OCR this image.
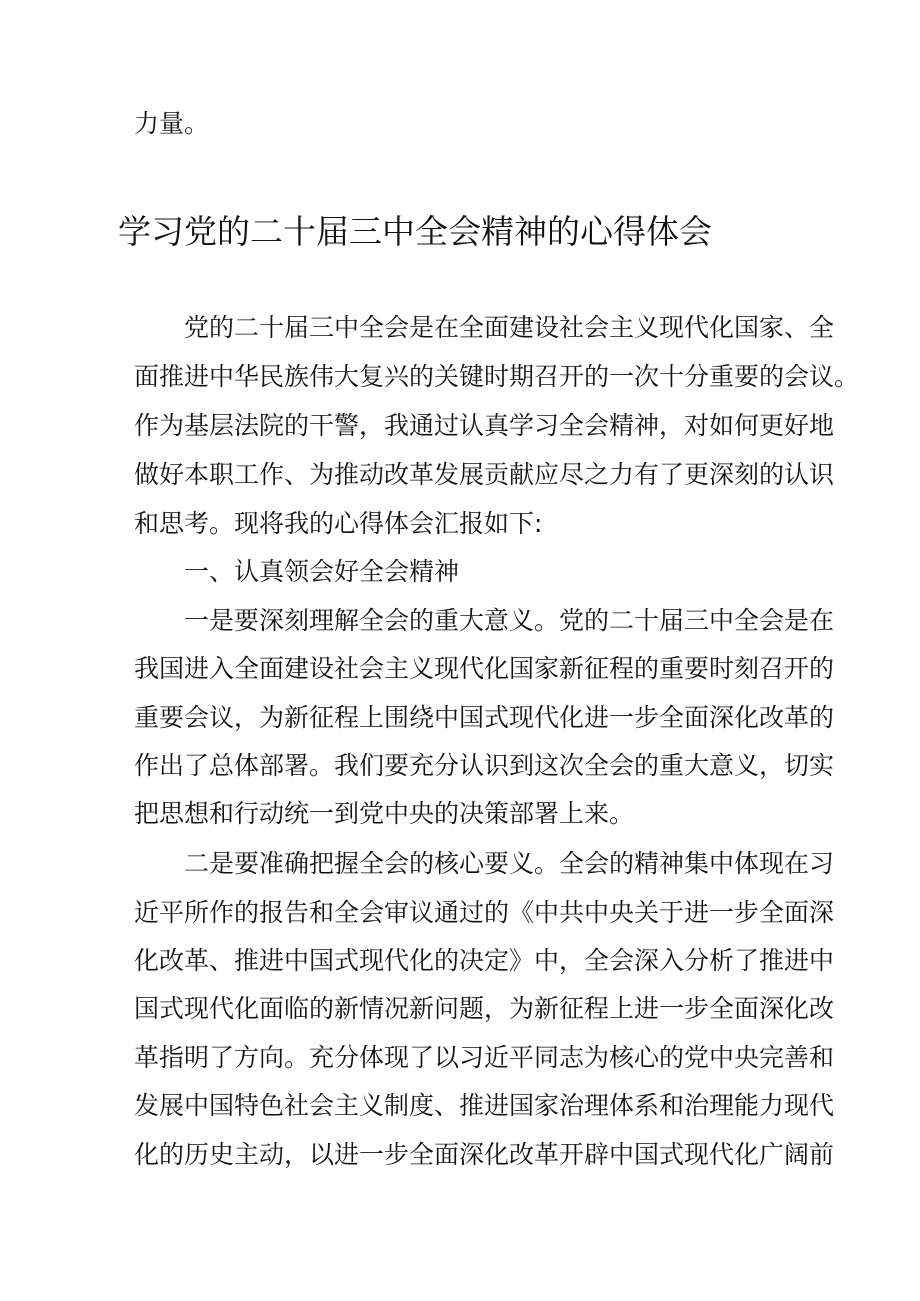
力量。
学习党的二十届三中全会精神的心得体会
党的二十届三中全会是在全面建设社会主义现代化国家、全
面推进中华民族伟大复兴的关键时期召开的一次十分重要的会议。
作为基层法院的干警，我通过认真学习全会精神，对如何更好地
做好本职工作、为推动改革发展贡献应尽之力有了更深刻的认识
和思考。现将我的心得体会汇报如下:
一、认真领会好全会精神
一是要深刻理解全会的重大意义。党的二十届三中全会是在
我国进入全面建设社会主义现代化国家新征程的重要时刻召开的
重要会议，为新征程上围绕中国式现代化进一步全面深化改革的
作出了总体部署。我们要充分认识到这次全会的重大意义，切实
把思想和行动统一到党中央的决策部署上来。
二是要准确把握全会的核心要义。全会的精神集中体现在习
近平所作的报告和全会审议通过的《中共中央关于进一步全面深
化改革、推进中国式现代化的决定》中，全会深入分析了推进中
国式现代化面临的新情况新问题，为新征程上进一步全面深化改
革指明了方向。充分体现了以习近平同志为核心的党中央完善和
发展中国特色社会主义制度、推进国家治理体系和治理能力现代
化的历史主动，以进一步全面深化改革开辟中国式现代化广阔前
